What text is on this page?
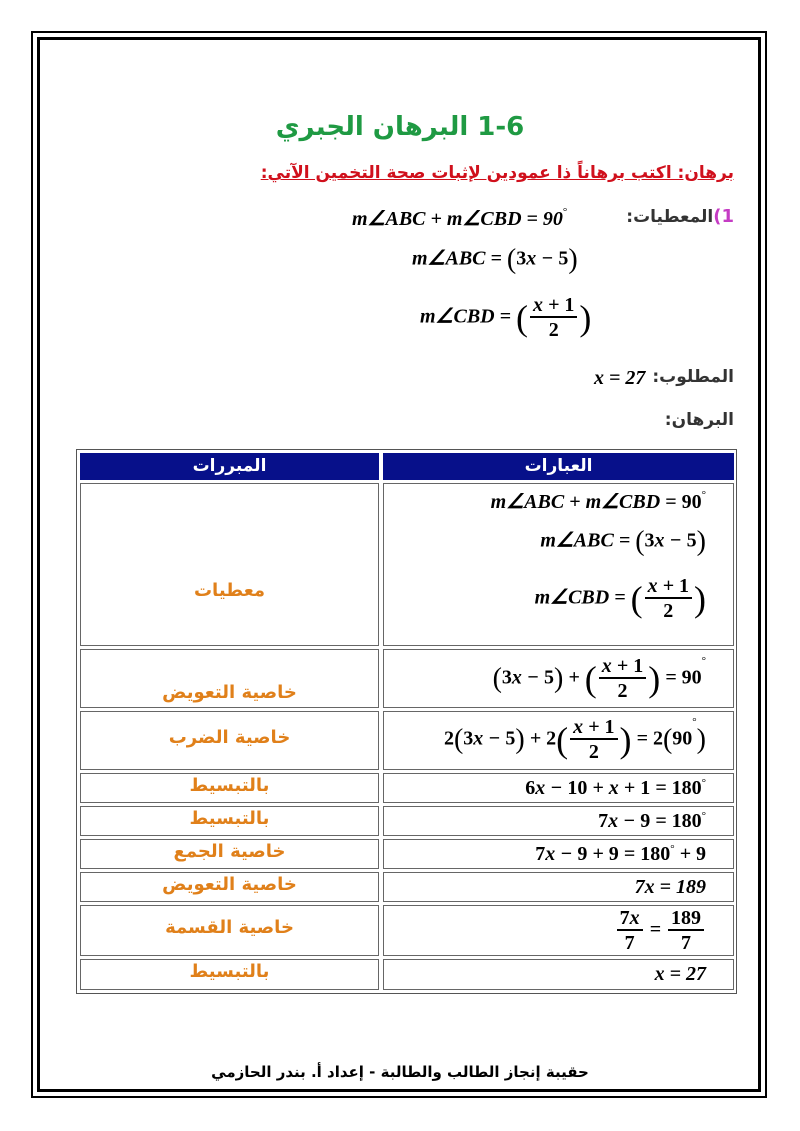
1-6 البرهان الجبري
برهان: اكتب برهاناً ذا عمودين لإثبات صحة التخمين الآتي:
1)المعطيات:
m∠ABC + m∠CBD = 90°
m∠ABC = (3x − 5)
m∠CBD = ( $\frac{x + 1}{2}$ )
المطلوب:
x = 27
البرهان:
المبررات	العبارات
معطيات
خاصية التعويض
خاصية الضرب
بالتبسيط
بالتبسيط
خاصية الجمع
خاصية التعويض
خاصية القسمة
بالتبسيط
m∠ABC + m∠CBD = 90°
m∠ABC = (3x − 5)
m∠CBD = ( $\frac{x + 1}{2}$ )
(3x − 5) + ( $\frac{x + 1}{2}$ ) = 90°
$2(3x - 5) + 2( \frac{x + 1}{2}$ ) = 2(90°)
6x − 10 + x + 1 = 180°
7x − 9 = 180°
7x − 9 + 9 = 180° + 9
7x = 189
$\frac{7x}{7} = \frac{189}{7}$
x = 27
حقيبة إنجاز الطالب والطالبة - إعداد أ. بندر الحازمي
